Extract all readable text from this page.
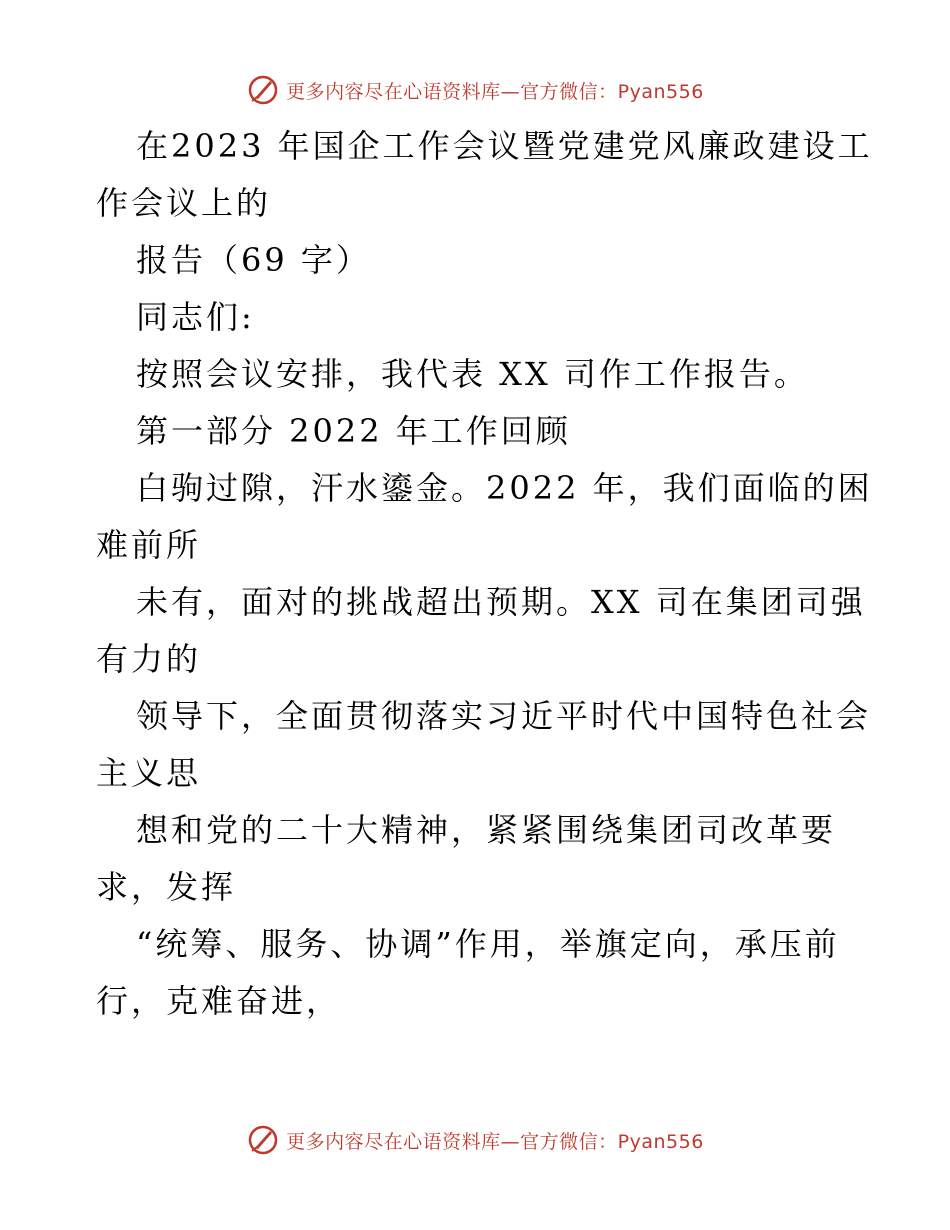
更多内容尽在心语资料库—官方微信：Pyan556
在2023 年国企工作会议暨党建党风廉政建设工
作会议上的
报告（69 字）
同志们:
按照会议安排，我代表 XX 司作工作报告。
第一部分 2022 年工作回顾
白驹过隙，汗水鎏金。2022 年，我们面临的困
难前所
未有，面对的挑战超出预期。XX 司在集团司强
有力的
领导下，全面贯彻落实习近平时代中国特色社会
主义思
想和党的二十大精神，紧紧围绕集团司改革要
求，发挥
“统筹、服务、协调”作用，举旗定向，承压前
行，克难奋进，
更多内容尽在心语资料库—官方微信：Pyan556
